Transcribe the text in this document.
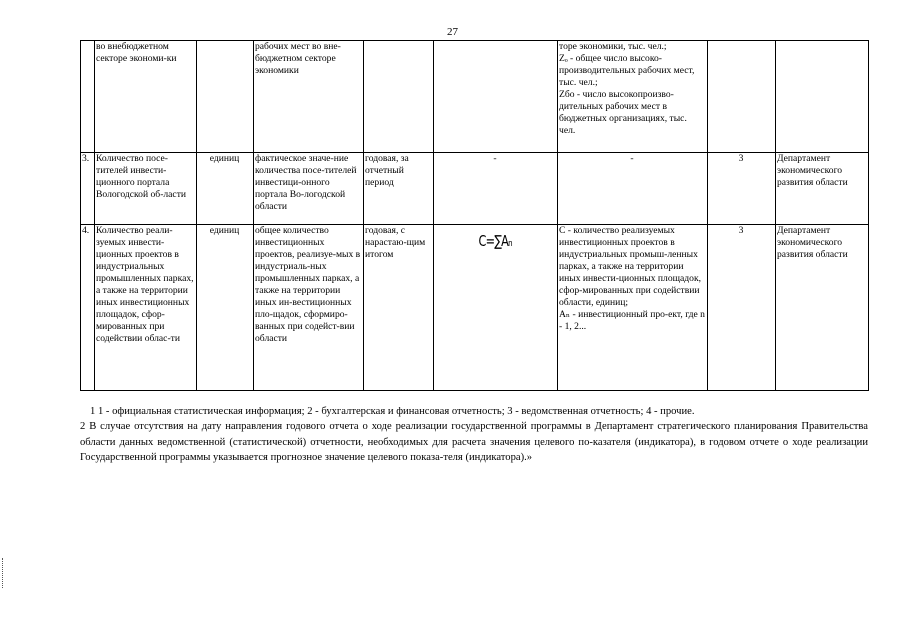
27
	во внебюджетном секторе экономи-ки		рабочих мест во вне-бюджетном секторе экономики			торе экономики, тыс. чел.;
Zₒ - общее число высоко-производительных рабочих мест, тыс. чел.;
Zбо - число высокопроизво-дительных рабочих мест в бюджетных организациях, тыс. чел.		
3.	Количество посе-тителей инвести-ционного портала Вологодской об-ласти	единиц	фактическое значе-ние количества посе-тителей инвестици-онного портала Во-логодской области	годовая, за отчетный период	-	-	3	Департамент экономического развития области
4.	Количество реали-зуемых инвести-ционных проектов в индустриальных промышленных парках, а также на территории иных инвестиционных площадок, сфор-мированных при содействии облас-ти	единиц	общее количество инвестиционных проектов, реализуе-мых в индустриаль-ных промышленных парках, а также на территории иных ин-вестиционных пло-щадок, сформиро-ванных при содейст-вии области	годовая, с нарастаю-щим итогом	C=∑Aₙ	С - количество реализуемых инвестиционных проектов в индустриальных промыш-ленных парках, а также на территории иных инвести-ционных площадок, сфор-мированных при содействии области, единиц;
Aₙ - инвестиционный про-ект, где n - 1, 2...	3	Департамент экономического развития области
1 1 - официальная статистическая информация; 2 - бухгалтерская и финансовая отчетность; 3 - ведомственная отчетность; 4 - прочие.
2 В случае отсутствия на дату направления годового отчета о ходе реализации государственной программы в Департамент стратегического планирования Правительства области данных ведомственной (статистической) отчетности, необходимых для расчета значения целевого по-казателя (индикатора), в годовом отчете о ходе реализации Государственной программы указывается прогнозное значение целевого показа-теля (индикатора).»
